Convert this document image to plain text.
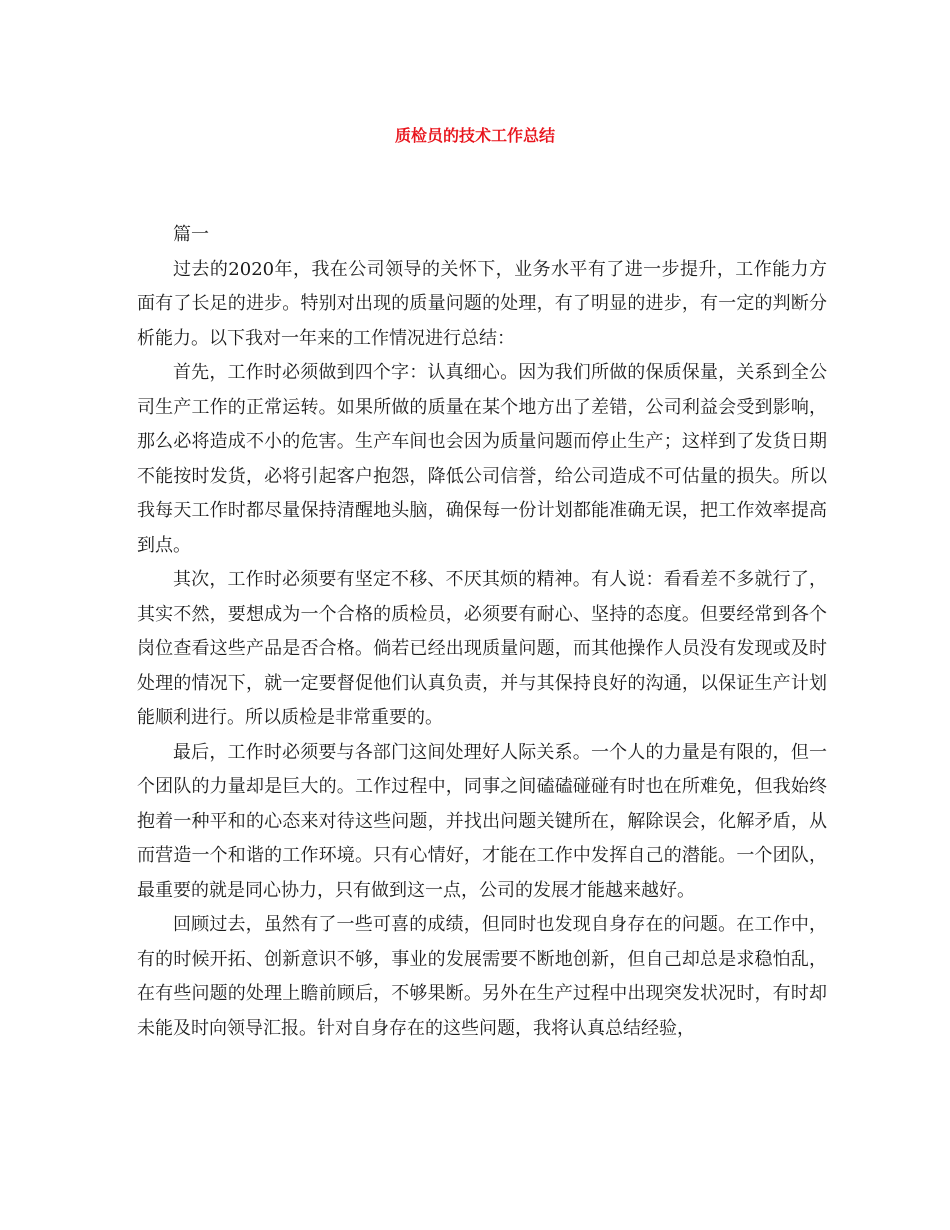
质检员的技术工作总结

篇一

过去的2020年，我在公司领导的关怀下，业务水平有了进一步提升，工作能力方面有了长足的进步。特别对出现的质量问题的处理，有了明显的进步，有一定的判断分析能力。以下我对一年来的工作情况进行总结：

首先，工作时必须做到四个字：认真细心。因为我们所做的保质保量，关系到全公司生产工作的正常运转。如果所做的质量在某个地方出了差错，公司利益会受到影响，那么必将造成不小的危害。生产车间也会因为质量问题而停止生产；这样到了发货日期不能按时发货，必将引起客户抱怨，降低公司信誉，给公司造成不可估量的损失。所以我每天工作时都尽量保持清醒地头脑，确保每一份计划都能准确无误，把工作效率提高到点。

其次，工作时必须要有坚定不移、不厌其烦的精神。有人说：看看差不多就行了，其实不然，要想成为一个合格的质检员，必须要有耐心、坚持的态度。但要经常到各个岗位查看这些产品是否合格。倘若已经出现质量问题，而其他操作人员没有发现或及时处理的情况下，就一定要督促他们认真负责，并与其保持良好的沟通，以保证生产计划能顺利进行。所以质检是非常重要的。

最后，工作时必须要与各部门这间处理好人际关系。一个人的力量是有限的，但一个团队的力量却是巨大的。工作过程中，同事之间磕磕碰碰有时也在所难免，但我始终抱着一种平和的心态来对待这些问题，并找出问题关键所在，解除误会，化解矛盾，从而营造一个和谐的工作环境。只有心情好，才能在工作中发挥自己的潜能。一个团队，最重要的就是同心协力，只有做到这一点，公司的发展才能越来越好。

回顾过去，虽然有了一些可喜的成绩，但同时也发现自身存在的问题。在工作中，有的时候开拓、创新意识不够，事业的发展需要不断地创新，但自己却总是求稳怕乱，在有些问题的处理上瞻前顾后，不够果断。另外在生产过程中出现突发状况时，有时却未能及时向领导汇报。针对自身存在的这些问题，我将认真总结经验，
